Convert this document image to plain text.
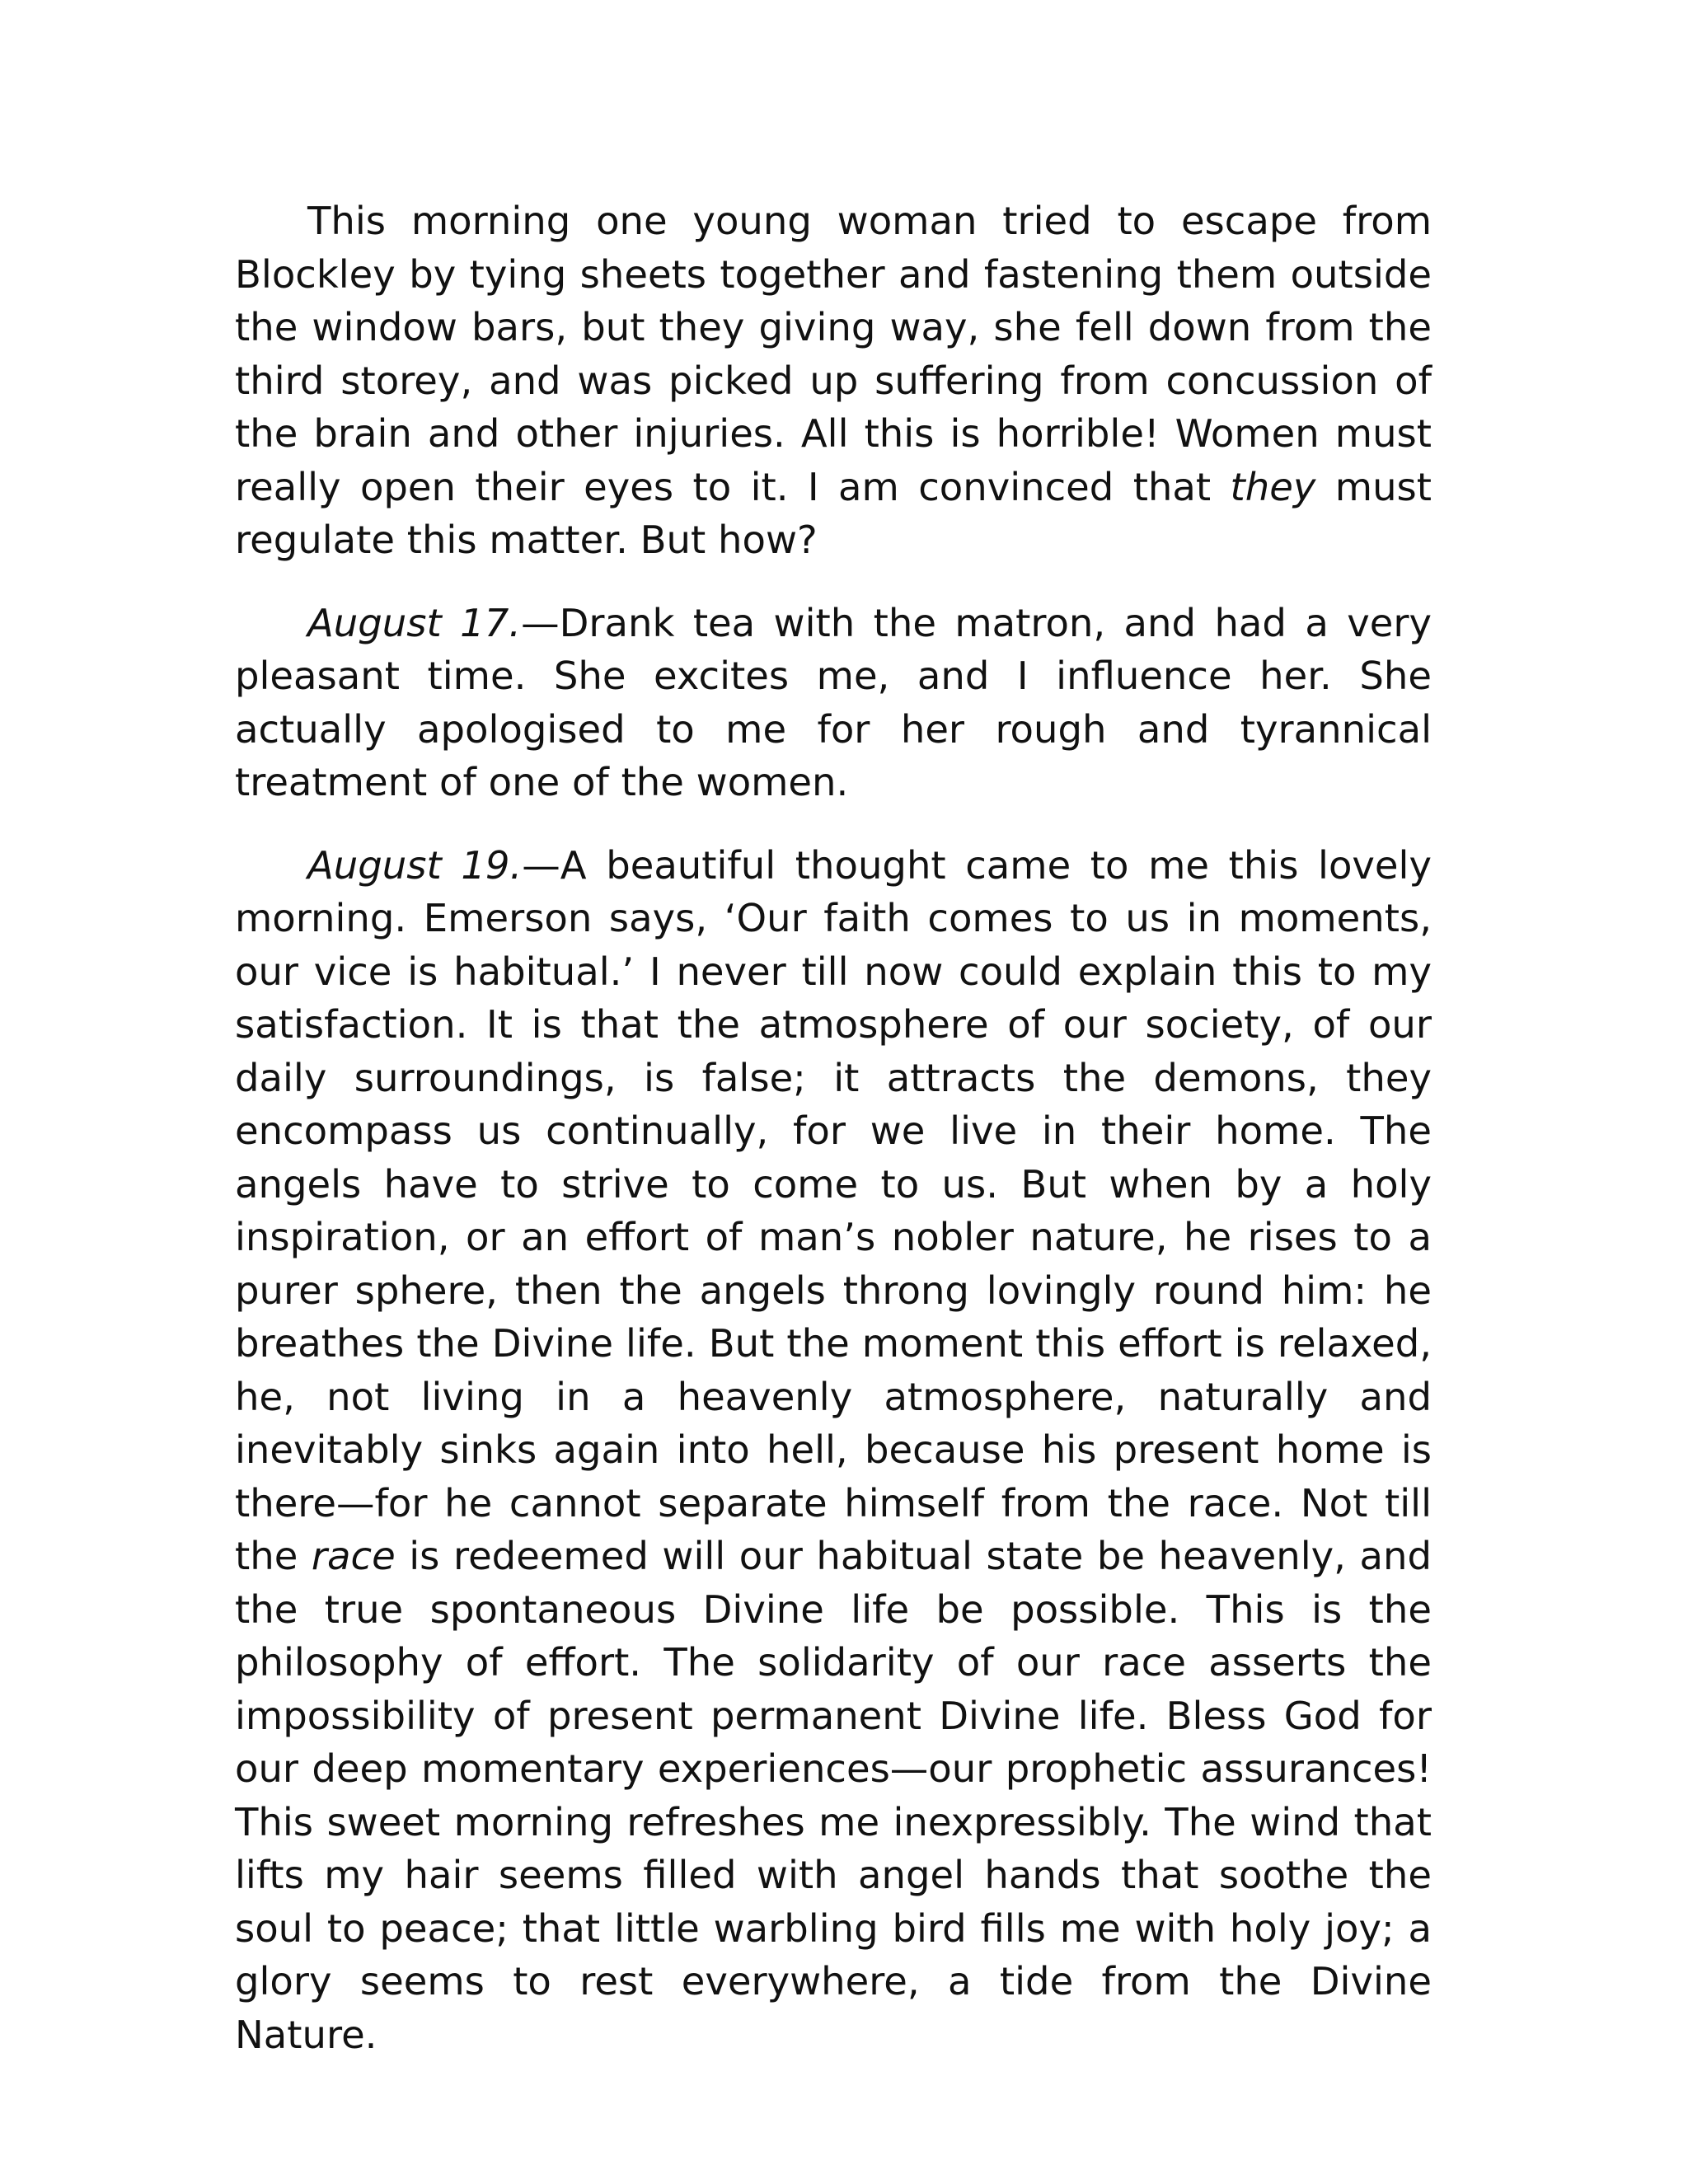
This morning one young woman tried to escape from Blockley by tying sheets together and fastening them outside the window bars, but they giving way, she fell down from the third storey, and was picked up suffering from concussion of the brain and other injuries. All this is horrible! Women must really open their eyes to it. I am convinced that they must regulate this matter. But how?

August 17.—Drank tea with the matron, and had a very pleasant time. She excites me, and I influence her. She actually apologised to me for her rough and tyrannical treatment of one of the women.

August 19.—A beautiful thought came to me this lovely morning. Emerson says, ‘Our faith comes to us in moments, our vice is habitual.’ I never till now could explain this to my satisfaction. It is that the atmosphere of our society, of our daily surroundings, is false; it attracts the demons, they encompass us continually, for we live in their home. The angels have to strive to come to us. But when by a holy inspiration, or an effort of man’s nobler nature, he rises to a purer sphere, then the angels throng lovingly round him: he breathes the Divine life. But the moment this effort is relaxed, he, not living in a heavenly atmosphere, naturally and inevitably sinks again into hell, because his present home is there—for he cannot separate himself from the race. Not till the race is redeemed will our habitual state be heavenly, and the true spontaneous Divine life be possible. This is the philosophy of effort. The solidarity of our race asserts the impossibility of present permanent Divine life. Bless God for our deep momentary experiences—our prophetic assurances! This sweet morning refreshes me inexpressibly. The wind that lifts my hair seems filled with angel hands that soothe the soul to peace; that little warbling bird fills me with holy joy; a glory seems to rest everywhere, a tide from the Divine Nature.
